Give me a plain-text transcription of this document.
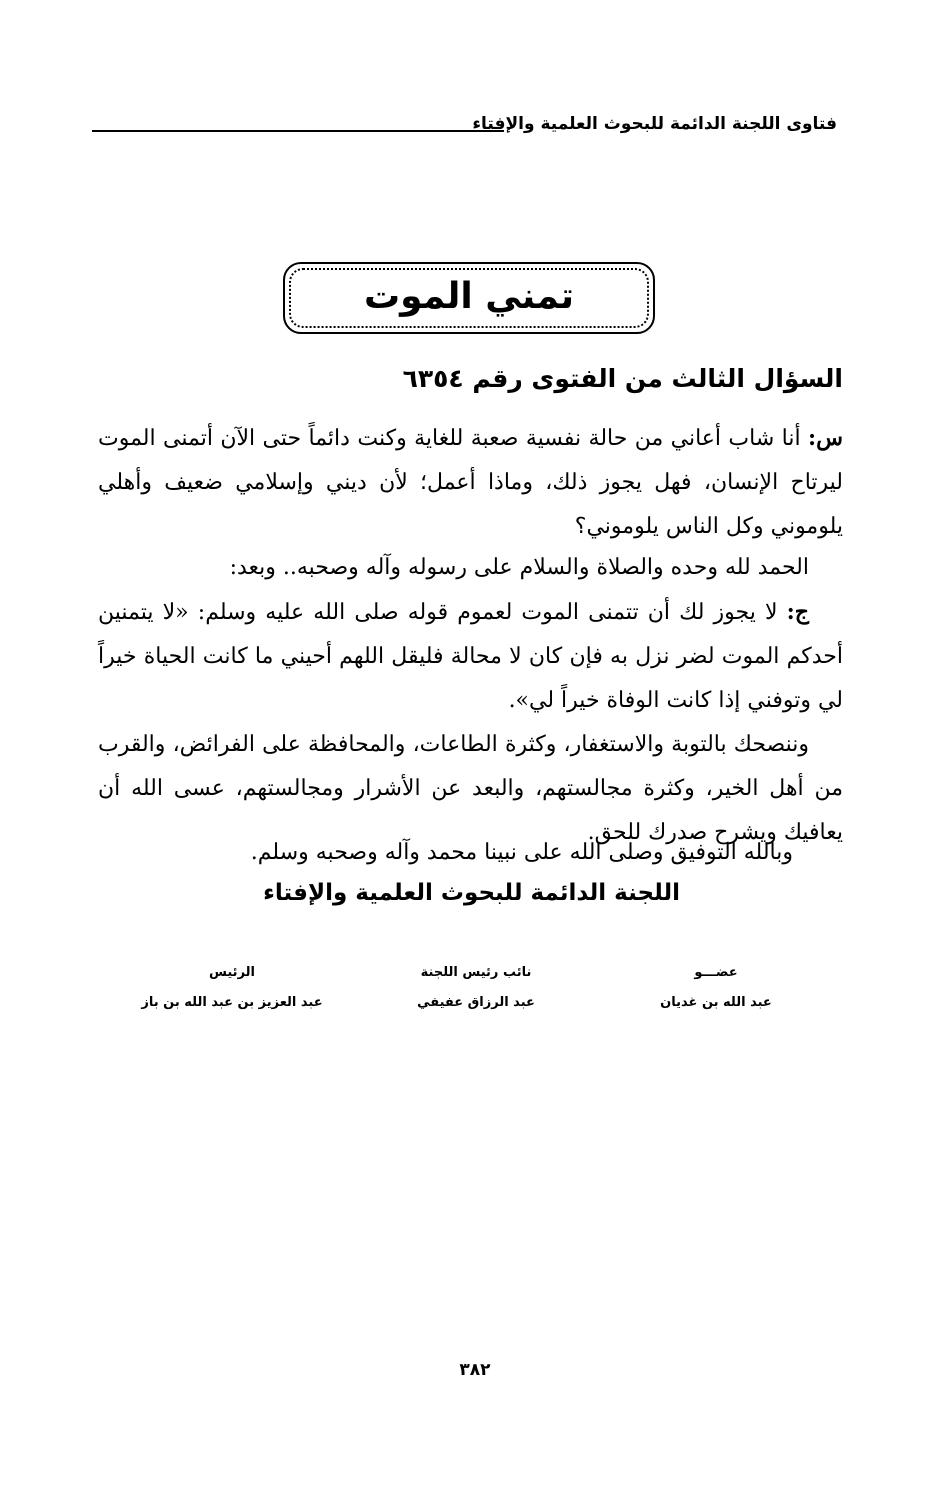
فتاوى اللجنة الدائمة للبحوث العلمية والإفتاء
تمني الموت
السؤال الثالث من الفتوى رقم ٦٣٥٤

س: أنا شاب أعاني من حالة نفسية صعبة للغاية وكنت دائماً حتى الآن أتمنى الموت ليرتاح الإنسان، فهل يجوز ذلك، وماذا أعمل؛ لأن ديني وإسلامي ضعيف وأهلي يلوموني وكل الناس يلوموني؟

الحمد لله وحده والصلاة والسلام على رسوله وآله وصحبه.. وبعد:

ج: لا يجوز لك أن تتمنى الموت لعموم قوله صلى الله عليه وسلم: «لا يتمنين أحدكم الموت لضر نزل به فإن كان لا محالة فليقل اللهم أحيني ما كانت الحياة خيراً لي وتوفني إذا كانت الوفاة خيراً لي».

وننصحك بالتوبة والاستغفار، وكثرة الطاعات، والمحافظة على الفرائض، والقرب من أهل الخير، وكثرة مجالستهم، والبعد عن الأشرار ومجالستهم، عسى الله أن يعافيك ويشرح صدرك للحق.

وبالله التوفيق وصلى الله على نبينا محمد وآله وصحبه وسلم.
اللجنة الدائمة للبحوث العلمية والإفتاء
عضـــو
عبد الله بن غديان
نائب رئيس اللجنة
عبد الرزاق عفيفي
الرئيس
عبد العزيز بن عبد الله بن باز
٣٨٢
